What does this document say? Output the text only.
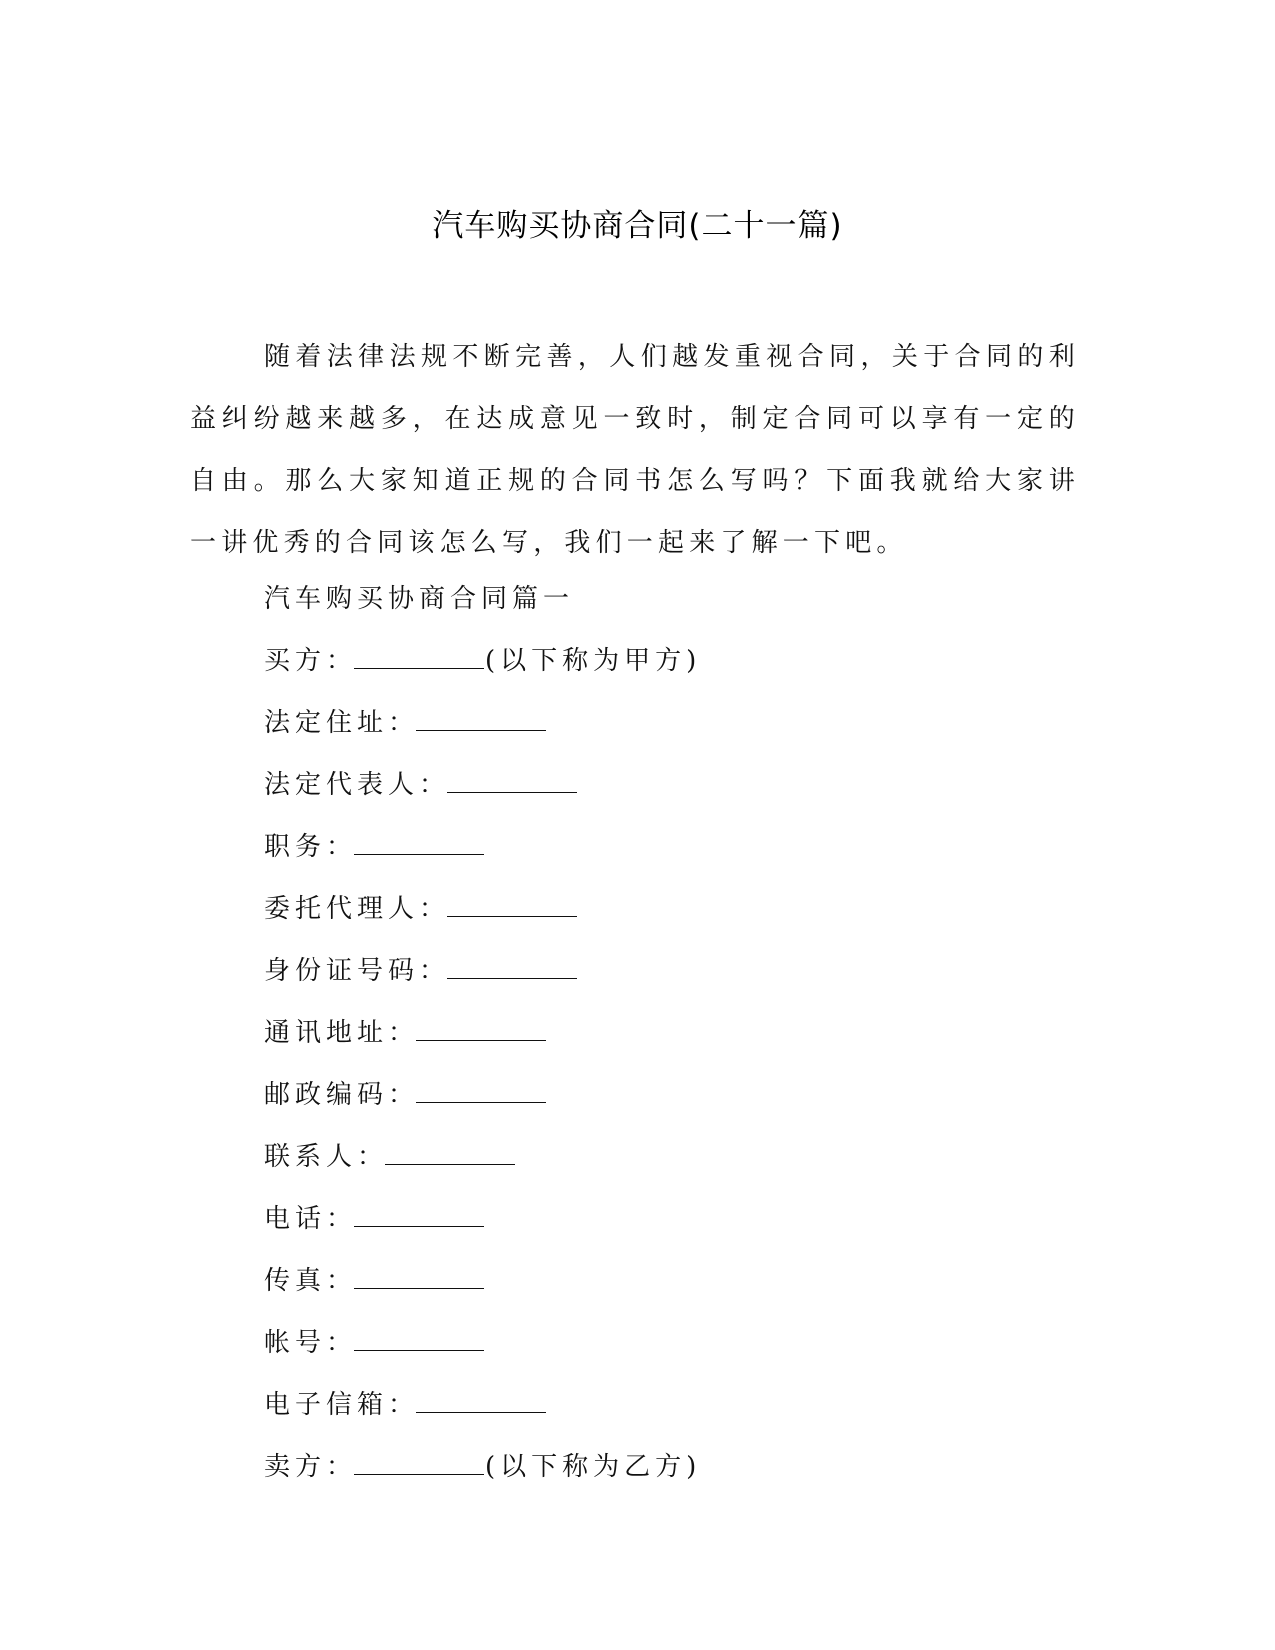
汽车购买协商合同(二十一篇)

随着法律法规不断完善，人们越发重视合同，关于合同的利益纠纷越来越多，在达成意见一致时，制定合同可以享有一定的自由。那么大家知道正规的合同书怎么写吗？下面我就给大家讲一讲优秀的合同该怎么写，我们一起来了解一下吧。

汽车购买协商合同篇一
买方：	(以下称为甲方)
法定住址：
法定代表人：
职务：
委托代理人：
身份证号码：
通讯地址：
邮政编码：
联系人：
电话：
传真：
帐号：
电子信箱：
卖方：	(以下称为乙方)
